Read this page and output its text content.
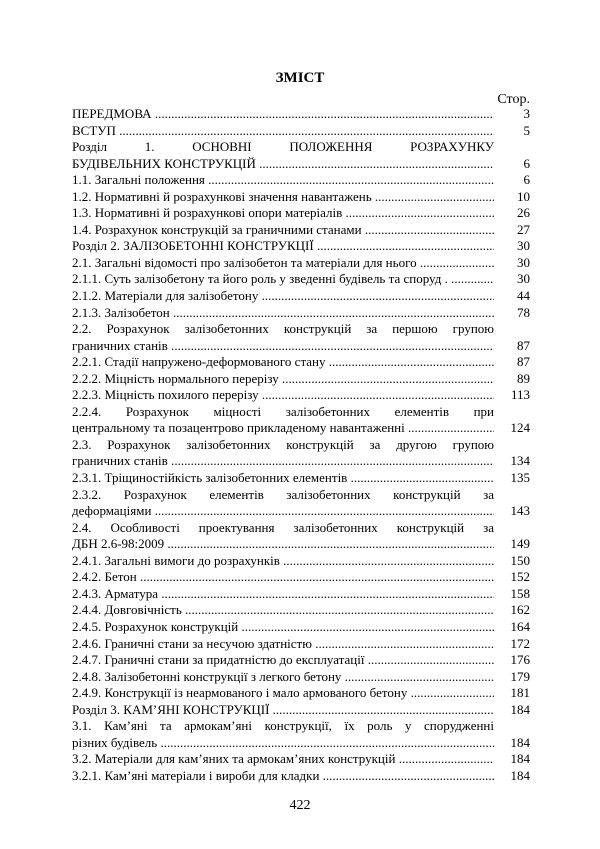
ЗМІСТ
Стор.
ПЕРЕДМОВА .....	3
ВСТУП .....	5
Розділ 1. ОСНОВНІ ПОЛОЖЕННЯ РОЗРАХУНКУ
БУДІВЕЛЬНИХ КОНСТРУКЦІЙ .....	6
1.1. Загальні положення .....	6
1.2. Нормативні й розрахункові значення навантажень .....	10
1.3. Нормативні й розрахункові опори матеріалів .....	26
1.4. Розрахунок конструкцій за граничними станами .....	27
Розділ 2. ЗАЛІЗОБЕТОННІ КОНСТРУКЦІЇ .....	30
2.1. Загальні відомості про залізобетон та матеріали для нього .....	30
2.1.1. Суть залізобетону та його роль у зведенні будівель та споруд . .....	30
2.1.2. Матеріали для залізобетону .....	44
2.1.3. Залізобетон .....	78
2.2. Розрахунок залізобетонних конструкцій за першою групою
граничних станів .....	87
2.2.1. Стадії напружено-деформованого стану .....	87
2.2.2. Міцність нормального перерізу .....	89
2.2.3. Міцність похилого перерізу .....	113
2.2.4. Розрахунок міцності залізобетонних елементів при
центральному та позацентрово прикладеному навантаженні .....	124
2.3. Розрахунок залізобетонних конструкцій за другою групою
граничних станів .....	134
2.3.1. Тріщиностійкість залізобетонних елементів .....	135
2.3.2. Розрахунок елементів залізобетонних конструкцій за
деформаціями .....	143
2.4. Особливості проектування залізобетонних конструкцій за
ДБН 2.6-98:2009 .....	149
2.4.1. Загальні вимоги до розрахунків .....	150
2.4.2. Бетон .....	152
2.4.3. Арматура .....	158
2.4.4. Довговічність .....	162
2.4.5. Розрахунок конструкцій .....	164
2.4.6. Граничні стани за несучою здатністю .....	172
2.4.7. Граничні стани за придатністю до експлуатації .....	176
2.4.8. Залізобетонні конструкції з легкого бетону .....	179
2.4.9. Конструкції із неармованого і мало армованого бетону .....	181
Розділ 3. КАМ’ЯНІ КОНСТРУКЦІЇ .....	184
3.1. Кам’яні та армокам’яні конструкції, їх роль у спорудженні
різних будівель .....	184
3.2. Матеріали для кам’яних та армокам’яних конструкцій .....	184
3.2.1. Кам’яні матеріали і вироби для кладки .....	184
422
